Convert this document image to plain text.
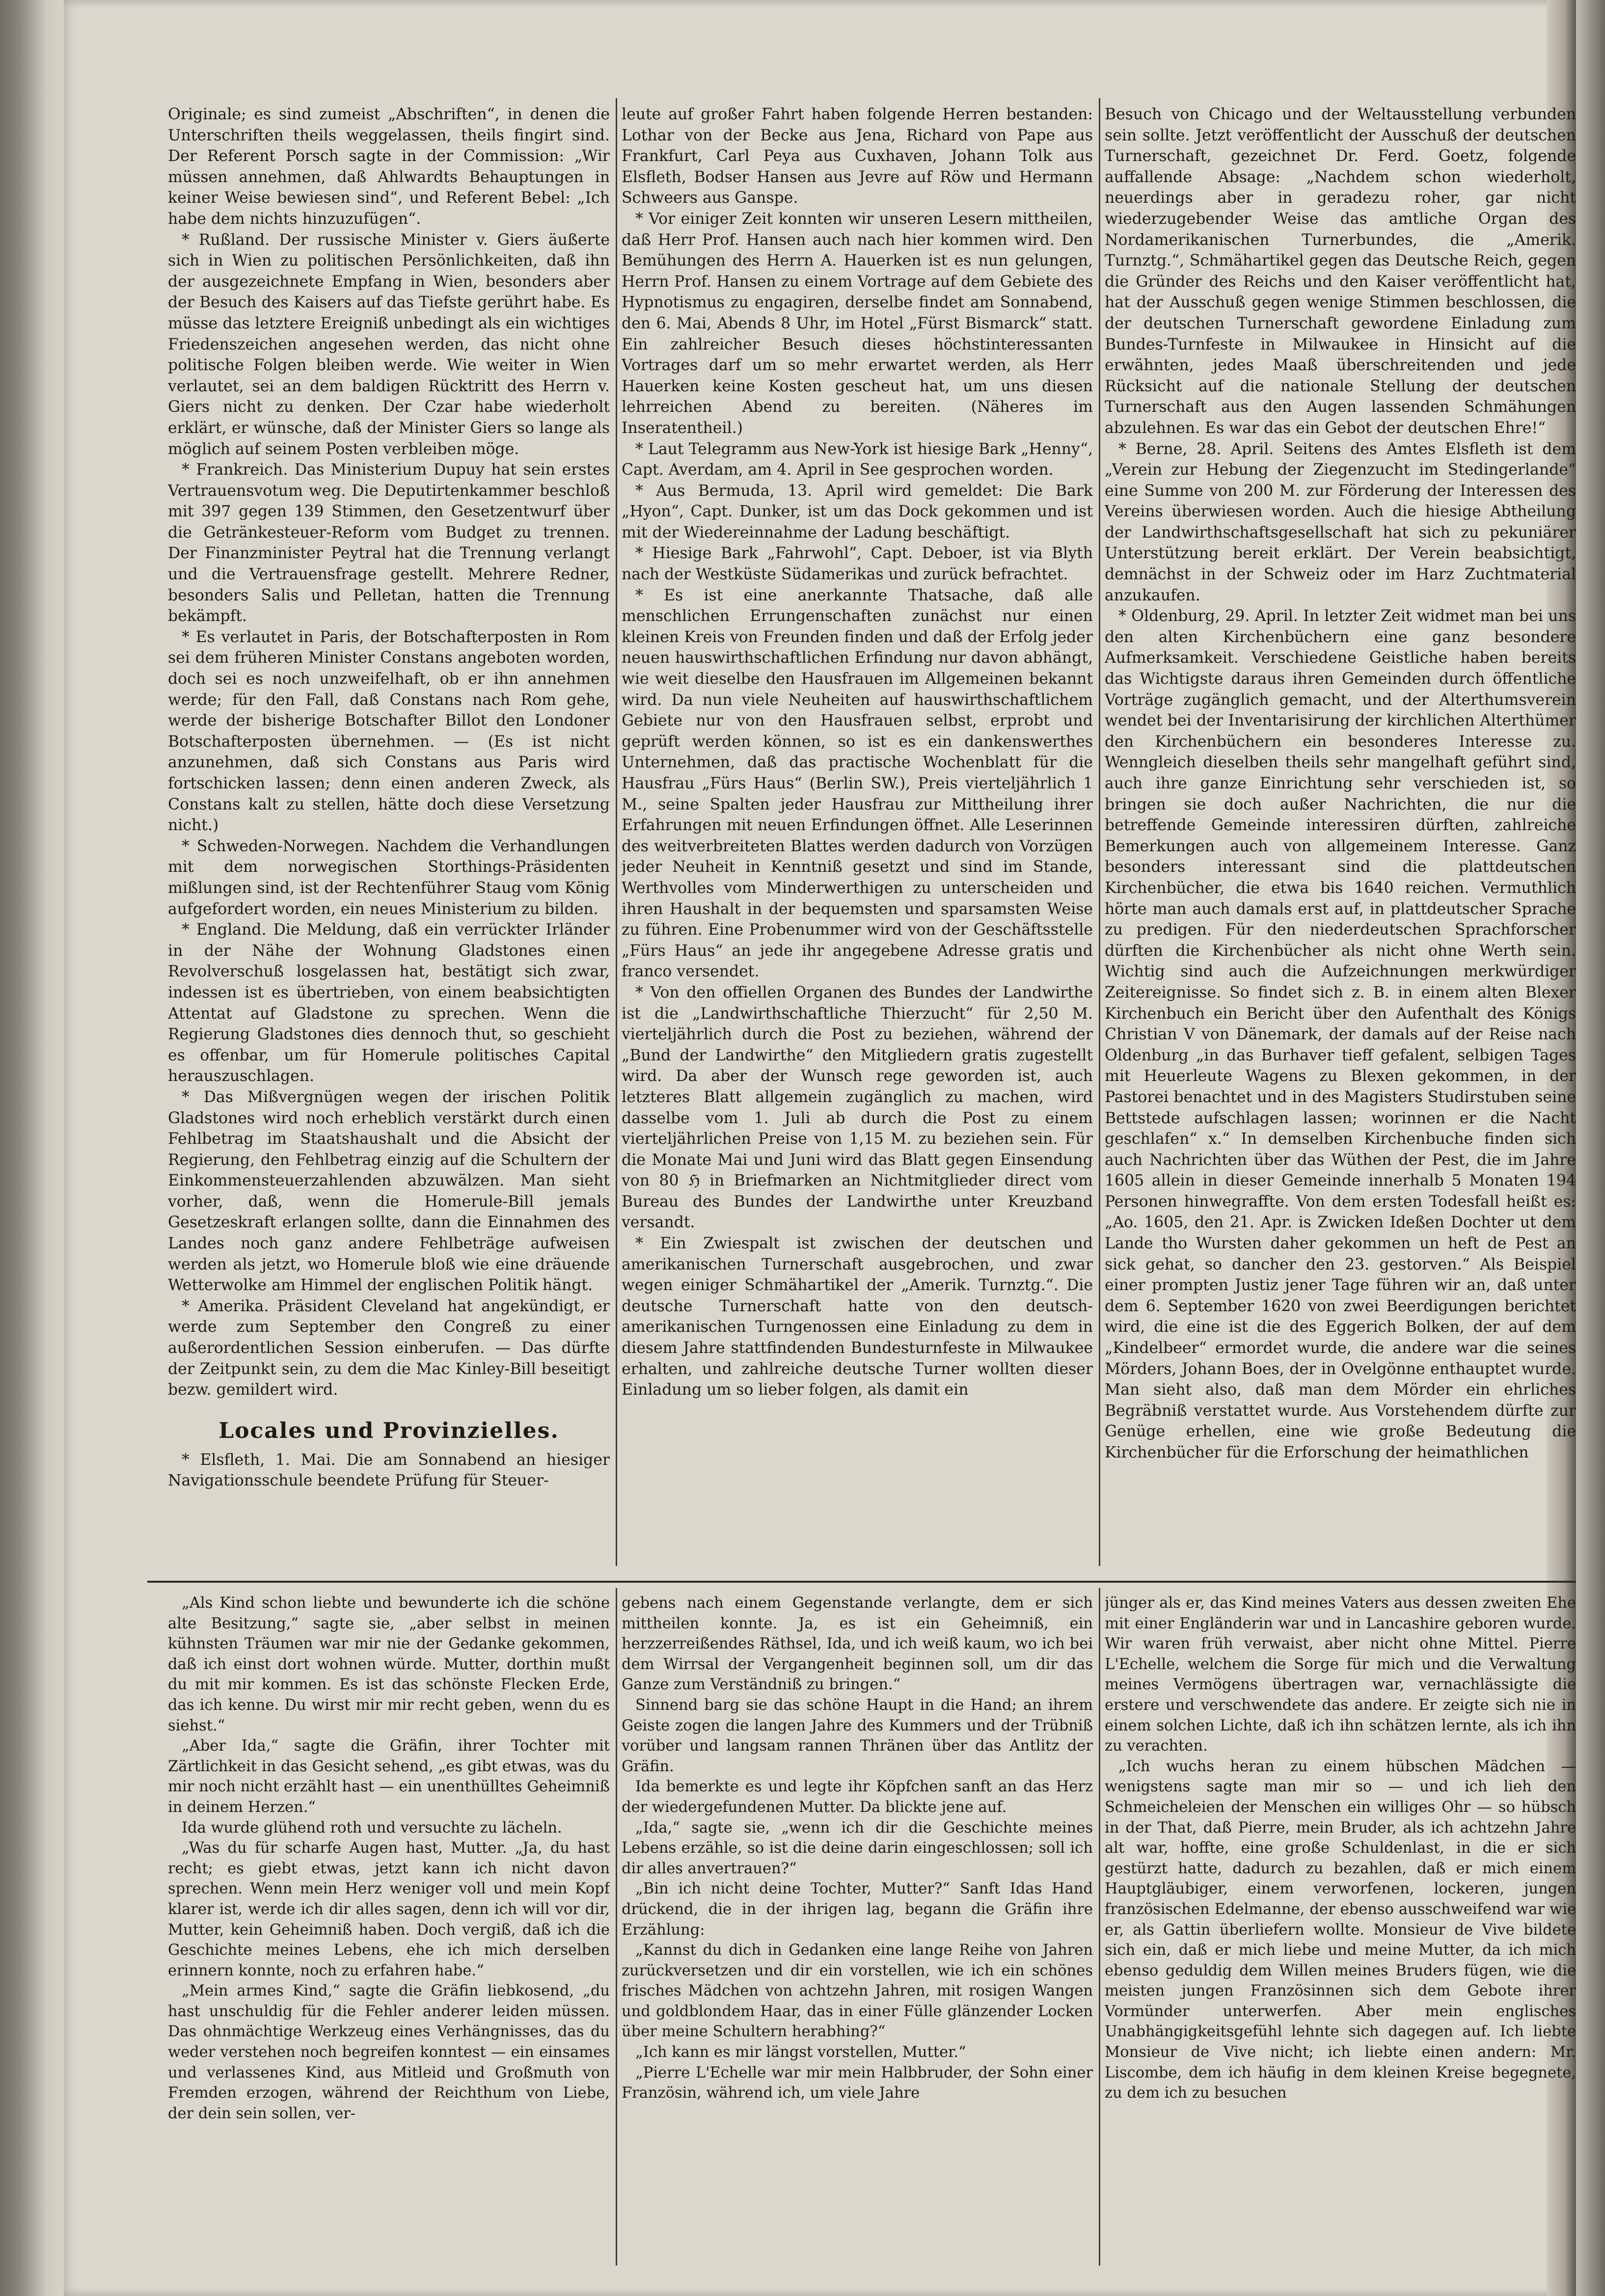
Originale; es sind zumeist „Abschriften“, in denen die Unterschriften theils weggelassen, theils fingirt sind. Der Referent Porsch sagte in der Commission: „Wir müssen annehmen, daß Ahlwardts Behauptungen in keiner Weise bewiesen sind“, und Referent Bebel: „Ich habe dem nichts hinzuzufügen“.

* Rußland. Der russische Minister v. Giers äußerte sich in Wien zu politischen Persönlichkeiten, daß ihn der ausgezeichnete Empfang in Wien, besonders aber der Besuch des Kaisers auf das Tiefste gerührt habe. Es müsse das letztere Ereigniß unbedingt als ein wichtiges Friedenszeichen angesehen werden, das nicht ohne politische Folgen bleiben werde. Wie weiter in Wien verlautet, sei an dem baldigen Rücktritt des Herrn v. Giers nicht zu denken. Der Czar habe wiederholt erklärt, er wünsche, daß der Minister Giers so lange als möglich auf seinem Posten verbleiben möge.

* Frankreich. Das Ministerium Dupuy hat sein erstes Vertrauensvotum weg. Die Deputirtenkammer beschloß mit 397 gegen 139 Stimmen, den Gesetzentwurf über die Getränkesteuer-Reform vom Budget zu trennen. Der Finanzminister Peytral hat die Trennung verlangt und die Vertrauensfrage gestellt. Mehrere Redner, besonders Salis und Pelletan, hatten die Trennung bekämpft.

* Es verlautet in Paris, der Botschafterposten in Rom sei dem früheren Minister Constans angeboten worden, doch sei es noch unzweifelhaft, ob er ihn annehmen werde; für den Fall, daß Constans nach Rom gehe, werde der bisherige Botschafter Billot den Londoner Botschafterposten übernehmen. — (Es ist nicht anzunehmen, daß sich Constans aus Paris wird fortschicken lassen; denn einen anderen Zweck, als Constans kalt zu stellen, hätte doch diese Versetzung nicht.)

* Schweden-Norwegen. Nachdem die Verhandlungen mit dem norwegischen Storthings-Präsidenten mißlungen sind, ist der Rechtenführer Staug vom König aufgefordert worden, ein neues Ministerium zu bilden.

* England. Die Meldung, daß ein verrückter Irländer in der Nähe der Wohnung Gladstones einen Revolverschuß losgelassen hat, bestätigt sich zwar, indessen ist es übertrieben, von einem beabsichtigten Attentat auf Gladstone zu sprechen. Wenn die Regierung Gladstones dies dennoch thut, so geschieht es offenbar, um für Homerule politisches Capital herauszuschlagen.

* Das Mißvergnügen wegen der irischen Politik Gladstones wird noch erheblich verstärkt durch einen Fehlbetrag im Staatshaushalt und die Absicht der Regierung, den Fehlbetrag einzig auf die Schultern der Einkommensteuerzahlenden abzuwälzen. Man sieht vorher, daß, wenn die Homerule-Bill jemals Gesetzeskraft erlangen sollte, dann die Einnahmen des Landes noch ganz andere Fehlbeträge aufweisen werden als jetzt, wo Homerule bloß wie eine dräuende Wetterwolke am Himmel der englischen Politik hängt.

* Amerika. Präsident Cleveland hat angekündigt, er werde zum September den Congreß zu einer außerordentlichen Session einberufen. — Das dürfte der Zeitpunkt sein, zu dem die Mac Kinley-Bill beseitigt bezw. gemildert wird.

Locales und Provinzielles.

* Elsfleth, 1. Mai. Die am Sonnabend an hiesiger Navigationsschule beendete Prüfung für Steuer-

leute auf großer Fahrt haben folgende Herren bestanden: Lothar von der Becke aus Jena, Richard von Pape aus Frankfurt, Carl Peya aus Cuxhaven, Johann Tolk aus Elsfleth, Bodser Hansen aus Jevre auf Röw und Hermann Schweers aus Ganspe.

* Vor einiger Zeit konnten wir unseren Lesern mittheilen, daß Herr Prof. Hansen auch nach hier kommen wird. Den Bemühungen des Herrn A. Hauerken ist es nun gelungen, Herrn Prof. Hansen zu einem Vortrage auf dem Gebiete des Hypnotismus zu engagiren, derselbe findet am Sonnabend, den 6. Mai, Abends 8 Uhr, im Hotel „Fürst Bismarck“ statt. Ein zahlreicher Besuch dieses höchstinteressanten Vortrages darf um so mehr erwartet werden, als Herr Hauerken keine Kosten gescheut hat, um uns diesen lehrreichen Abend zu bereiten. (Näheres im Inseratentheil.)

* Laut Telegramm aus New-York ist hiesige Bark „Henny“, Capt. Averdam, am 4. April in See gesprochen worden.

* Aus Bermuda, 13. April wird gemeldet: Die Bark „Hyon“, Capt. Dunker, ist um das Dock gekommen und ist mit der Wiedereinnahme der Ladung beschäftigt.

* Hiesige Bark „Fahrwohl“, Capt. Deboer, ist via Blyth nach der Westküste Südamerikas und zurück befrachtet.

* Es ist eine anerkannte Thatsache, daß alle menschlichen Errungenschaften zunächst nur einen kleinen Kreis von Freunden finden und daß der Erfolg jeder neuen hauswirthschaftlichen Erfindung nur davon abhängt, wie weit dieselbe den Hausfrauen im Allgemeinen bekannt wird. Da nun viele Neuheiten auf hauswirthschaftlichem Gebiete nur von den Hausfrauen selbst, erprobt und geprüft werden können, so ist es ein dankenswerthes Unternehmen, daß das practische Wochenblatt für die Hausfrau „Fürs Haus“ (Berlin SW.), Preis vierteljährlich 1 M., seine Spalten jeder Hausfrau zur Mittheilung ihrer Erfahrungen mit neuen Erfindungen öffnet. Alle Leserinnen des weitverbreiteten Blattes werden dadurch von Vorzügen jeder Neuheit in Kenntniß gesetzt und sind im Stande, Werthvolles vom Minderwerthigen zu unterscheiden und ihren Haushalt in der bequemsten und sparsamsten Weise zu führen. Eine Probenummer wird von der Geschäftsstelle „Fürs Haus“ an jede ihr angegebene Adresse gratis und franco versendet.

* Von den offiellen Organen des Bundes der Landwirthe ist die „Landwirthschaftliche Thierzucht“ für 2,50 M. vierteljährlich durch die Post zu beziehen, während der „Bund der Landwirthe“ den Mitgliedern gratis zugestellt wird. Da aber der Wunsch rege geworden ist, auch letzteres Blatt allgemein zugänglich zu machen, wird dasselbe vom 1. Juli ab durch die Post zu einem vierteljährlichen Preise von 1,15 M. zu beziehen sein. Für die Monate Mai und Juni wird das Blatt gegen Einsendung von 80 ℌ in Briefmarken an Nichtmitglieder direct vom Bureau des Bundes der Landwirthe unter Kreuzband versandt.

* Ein Zwiespalt ist zwischen der deutschen und amerikanischen Turnerschaft ausgebrochen, und zwar wegen einiger Schmähartikel der „Amerik. Turnztg.“. Die deutsche Turnerschaft hatte von den deutsch-amerikanischen Turngenossen eine Einladung zu dem in diesem Jahre stattfindenden Bundesturnfeste in Milwaukee erhalten, und zahlreiche deutsche Turner wollten dieser Einladung um so lieber folgen, als damit ein

Besuch von Chicago und der Weltausstellung verbunden sein sollte. Jetzt veröffentlicht der Ausschuß der deutschen Turnerschaft, gezeichnet Dr. Ferd. Goetz, folgende auffallende Absage: „Nachdem schon wiederholt, neuerdings aber in geradezu roher, gar nicht wiederzugebender Weise das amtliche Organ des Nordamerikanischen Turnerbundes, die „Amerik. Turnztg.“, Schmähartikel gegen das Deutsche Reich, gegen die Gründer des Reichs und den Kaiser veröffentlicht hat, hat der Ausschuß gegen wenige Stimmen beschlossen, die der deutschen Turnerschaft gewordene Einladung zum Bundes-Turnfeste in Milwaukee in Hinsicht auf die erwähnten, jedes Maaß überschreitenden und jede Rücksicht auf die nationale Stellung der deutschen Turnerschaft aus den Augen lassenden Schmähungen abzulehnen. Es war das ein Gebot der deutschen Ehre!“

* Berne, 28. April. Seitens des Amtes Elsfleth ist dem „Verein zur Hebung der Ziegenzucht im Stedingerlande“ eine Summe von 200 M. zur Förderung der Interessen des Vereins überwiesen worden. Auch die hiesige Abtheilung der Landwirthschaftsgesellschaft hat sich zu pekuniärer Unterstützung bereit erklärt. Der Verein beabsichtigt, demnächst in der Schweiz oder im Harz Zuchtmaterial anzukaufen.

* Oldenburg, 29. April. In letzter Zeit widmet man bei uns den alten Kirchenbüchern eine ganz besondere Aufmerksamkeit. Verschiedene Geistliche haben bereits das Wichtigste daraus ihren Gemeinden durch öffentliche Vorträge zugänglich gemacht, und der Alterthumsverein wendet bei der Inventarisirung der kirchlichen Alterthümer den Kirchenbüchern ein besonderes Interesse zu. Wenngleich dieselben theils sehr mangelhaft geführt sind, auch ihre ganze Einrichtung sehr verschieden ist, so bringen sie doch außer Nachrichten, die nur die betreffende Gemeinde interessiren dürften, zahlreiche Bemerkungen auch von allgemeinem Interesse. Ganz besonders interessant sind die plattdeutschen Kirchenbücher, die etwa bis 1640 reichen. Vermuthlich hörte man auch damals erst auf, in plattdeutscher Sprache zu predigen. Für den niederdeutschen Sprachforscher dürften die Kirchenbücher als nicht ohne Werth sein. Wichtig sind auch die Aufzeichnungen merkwürdiger Zeitereignisse. So findet sich z. B. in einem alten Blexer Kirchenbuch ein Bericht über den Aufenthalt des Königs Christian V von Dänemark, der damals auf der Reise nach Oldenburg „in das Burhaver tieff gefalent, selbigen Tages mit Heuerleute Wagens zu Blexen gekommen, in der Pastorei benachtet und in des Magisters Studirstuben seine Bettstede aufschlagen lassen; worinnen er die Nacht geschlafen“ x.“ In demselben Kirchenbuche finden sich auch Nachrichten über das Wüthen der Pest, die im Jahre 1605 allein in dieser Gemeinde innerhalb 5 Monaten 194 Personen hinwegraffte. Von dem ersten Todesfall heißt es: „Ao. 1605, den 21. Apr. is Zwicken Ideßen Dochter ut dem Lande tho Wursten daher gekommen un heft de Pest an sick gehat, so dancher den 23. gestorven.“ Als Beispiel einer prompten Justiz jener Tage führen wir an, daß unter dem 6. September 1620 von zwei Beerdigungen berichtet wird, die eine ist die des Eggerich Bolken, der auf dem „Kindelbeer“ ermordet wurde, die andere war die seines Mörders, Johann Boes, der in Ovelgönne enthauptet wurde. Man sieht also, daß man dem Mörder ein ehrliches Begräbniß verstattet wurde. Aus Vorstehendem dürfte zur Genüge erhellen, eine wie große Bedeutung die Kirchenbücher für die Erforschung der heimathlichen

„Als Kind schon liebte und bewunderte ich die schöne alte Besitzung,“ sagte sie, „aber selbst in meinen kühnsten Träumen war mir nie der Gedanke gekommen, daß ich einst dort wohnen würde. Mutter, dorthin mußt du mit mir kommen. Es ist das schönste Flecken Erde, das ich kenne. Du wirst mir mir recht geben, wenn du es siehst.“

„Aber Ida,“ sagte die Gräfin, ihrer Tochter mit Zärtlichkeit in das Gesicht sehend, „es gibt etwas, was du mir noch nicht erzählt hast — ein unenthülltes Geheimniß in deinem Herzen.“

Ida wurde glühend roth und versuchte zu lächeln.

„Was du für scharfe Augen hast, Mutter. „Ja, du hast recht; es giebt etwas, jetzt kann ich nicht davon sprechen. Wenn mein Herz weniger voll und mein Kopf klarer ist, werde ich dir alles sagen, denn ich will vor dir, Mutter, kein Geheimniß haben. Doch vergiß, daß ich die Geschichte meines Lebens, ehe ich mich derselben erinnern konnte, noch zu erfahren habe.“

„Mein armes Kind,“ sagte die Gräfin liebkosend, „du hast unschuldig für die Fehler anderer leiden müssen. Das ohnmächtige Werkzeug eines Verhängnisses, das du weder verstehen noch begreifen konntest — ein einsames und verlassenes Kind, aus Mitleid und Großmuth von Fremden erzogen, während der Reichthum von Liebe, der dein sein sollen, ver-

gebens nach einem Gegenstande verlangte, dem er sich mittheilen konnte. Ja, es ist ein Geheimniß, ein herzzerreißendes Räthsel, Ida, und ich weiß kaum, wo ich bei dem Wirrsal der Vergangenheit beginnen soll, um dir das Ganze zum Verständniß zu bringen.“

Sinnend barg sie das schöne Haupt in die Hand; an ihrem Geiste zogen die langen Jahre des Kummers und der Trübniß vorüber und langsam rannen Thränen über das Antlitz der Gräfin.

Ida bemerkte es und legte ihr Köpfchen sanft an das Herz der wiedergefundenen Mutter. Da blickte jene auf.

„Ida,“ sagte sie, „wenn ich dir die Geschichte meines Lebens erzähle, so ist die deine darin eingeschlossen; soll ich dir alles anvertrauen?“

„Bin ich nicht deine Tochter, Mutter?“ Sanft Idas Hand drückend, die in der ihrigen lag, begann die Gräfin ihre Erzählung:

„Kannst du dich in Gedanken eine lange Reihe von Jahren zurückversetzen und dir ein vorstellen, wie ich ein schönes frisches Mädchen von achtzehn Jahren, mit rosigen Wangen und goldblondem Haar, das in einer Fülle glänzender Locken über meine Schultern herabhing?“

„Ich kann es mir längst vorstellen, Mutter.“

„Pierre L'Echelle war mir mein Halbbruder, der Sohn einer Französin, während ich, um viele Jahre

jünger als er, das Kind meines Vaters aus dessen zweiten Ehe mit einer Engländerin war und in Lancashire geboren wurde. Wir waren früh verwaist, aber nicht ohne Mittel. Pierre L'Echelle, welchem die Sorge für mich und die Verwaltung meines Vermögens übertragen war, vernachlässigte die erstere und verschwendete das andere. Er zeigte sich nie in einem solchen Lichte, daß ich ihn schätzen lernte, als ich ihn zu verachten.

„Ich wuchs heran zu einem hübschen Mädchen — wenigstens sagte man mir so — und ich lieh den Schmeicheleien der Menschen ein williges Ohr — so hübsch in der That, daß Pierre, mein Bruder, als ich achtzehn Jahre alt war, hoffte, eine große Schuldenlast, in die er sich gestürzt hatte, dadurch zu bezahlen, daß er mich einem Hauptgläubiger, einem verworfenen, lockeren, jungen französischen Edelmanne, der ebenso ausschweifend war wie er, als Gattin überliefern wollte. Monsieur de Vive bildete sich ein, daß er mich liebe und meine Mutter, da ich mich ebenso geduldig dem Willen meines Bruders fügen, wie die meisten jungen Französinnen sich dem Gebote ihrer Vormünder unterwerfen. Aber mein englisches Unabhängigkeitsgefühl lehnte sich dagegen auf. Ich liebte Monsieur de Vive nicht; ich liebte einen andern: Mr. Liscombe, dem ich häufig in dem kleinen Kreise begegnete, zu dem ich zu besuchen
